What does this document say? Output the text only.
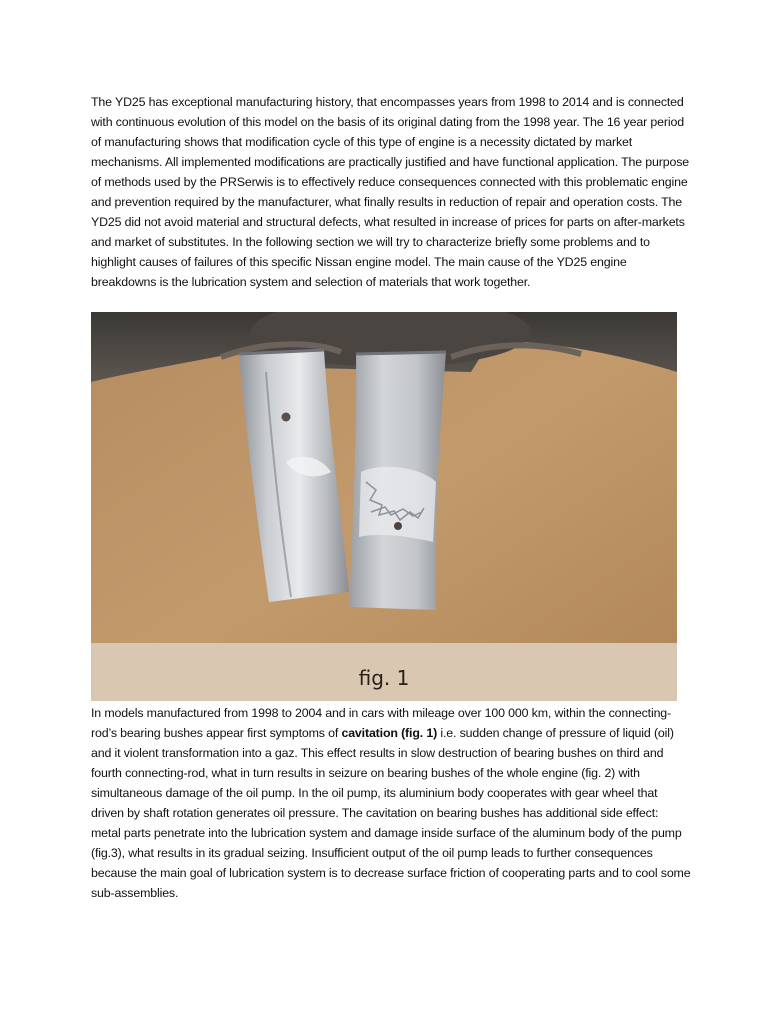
The YD25 has exceptional manufacturing history, that encompasses years from 1998 to 2014 and is connected with continuous evolution of this model on the basis of its original dating from the 1998 year. The 16 year period of manufacturing shows that modification cycle of this type of engine is a necessity dictated by market mechanisms. All implemented modifications are practically justified and have functional application. The purpose of methods used by the PRSerwis is to effectively reduce consequences connected with this problematic engine and prevention required by the manufacturer, what finally results in reduction of repair and operation costs. The YD25 did not avoid material and structural defects, what resulted in increase of prices for parts on after-markets and market of substitutes. In the following section we will try to characterize briefly some problems and to highlight causes of failures of this specific Nissan engine model. The main cause of the YD25 engine breakdowns is the lubrication system and selection of materials that work together.
fig. 1
In models manufactured from 1998 to 2004 and in cars with mileage over 100 000 km, within the connecting-rod’s bearing bushes appear first symptoms of cavitation (fig. 1) i.e. sudden change of pressure of liquid (oil) and it violent transformation into a gaz. This effect results in slow destruction of bearing bushes on third and fourth connecting-rod, what in turn results in seizure on bearing bushes of the whole engine (fig. 2) with simultaneous damage of the oil pump. In the oil pump, its aluminium body cooperates with gear wheel that driven by shaft rotation generates oil pressure. The cavitation on bearing bushes has additional side effect: metal parts penetrate into the lubrication system and damage inside surface of the aluminum body of the pump (fig.3), what results in its gradual seizing. Insufficient output of the oil pump leads to further consequences because the main goal of lubrication system is to decrease surface friction of cooperating parts and to cool some sub-assemblies.
